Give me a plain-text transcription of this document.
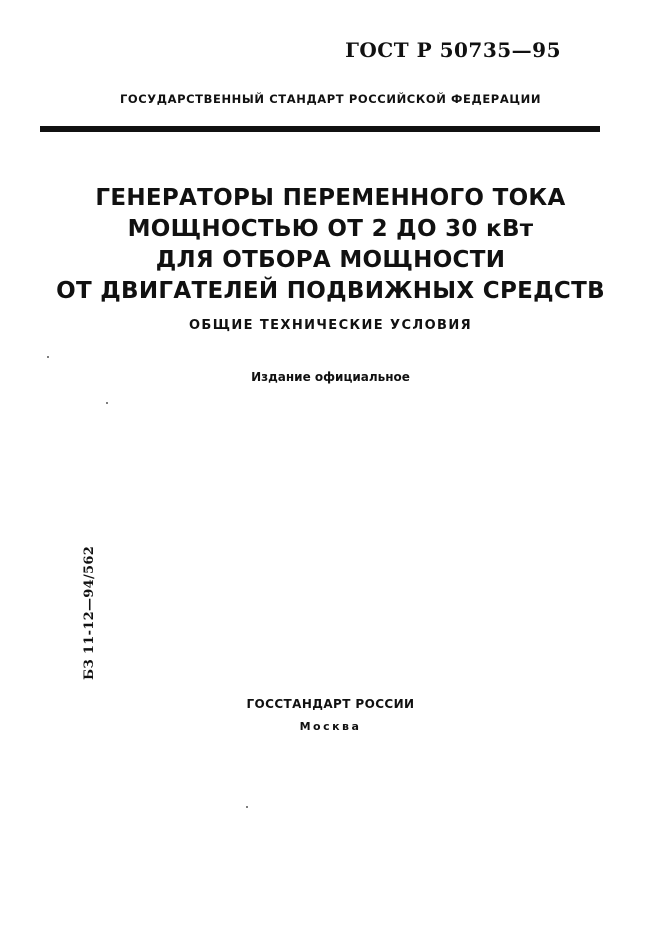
ГОСТ Р 50735—95
ГОСУДАРСТВЕННЫЙ СТАНДАРТ РОССИЙСКОЙ ФЕДЕРАЦИИ
ГЕНЕРАТОРЫ ПЕРЕМЕННОГО ТОКА
МОЩНОСТЬЮ ОТ 2 ДО 30 кВт
ДЛЯ ОТБОРА МОЩНОСТИ
ОТ ДВИГАТЕЛЕЙ ПОДВИЖНЫХ СРЕДСТВ
ОБЩИЕ ТЕХНИЧЕСКИЕ УСЛОВИЯ
Издание официальное
БЗ 11-12—94/562
ГОССТАНДАРТ РОССИИ
Москва
